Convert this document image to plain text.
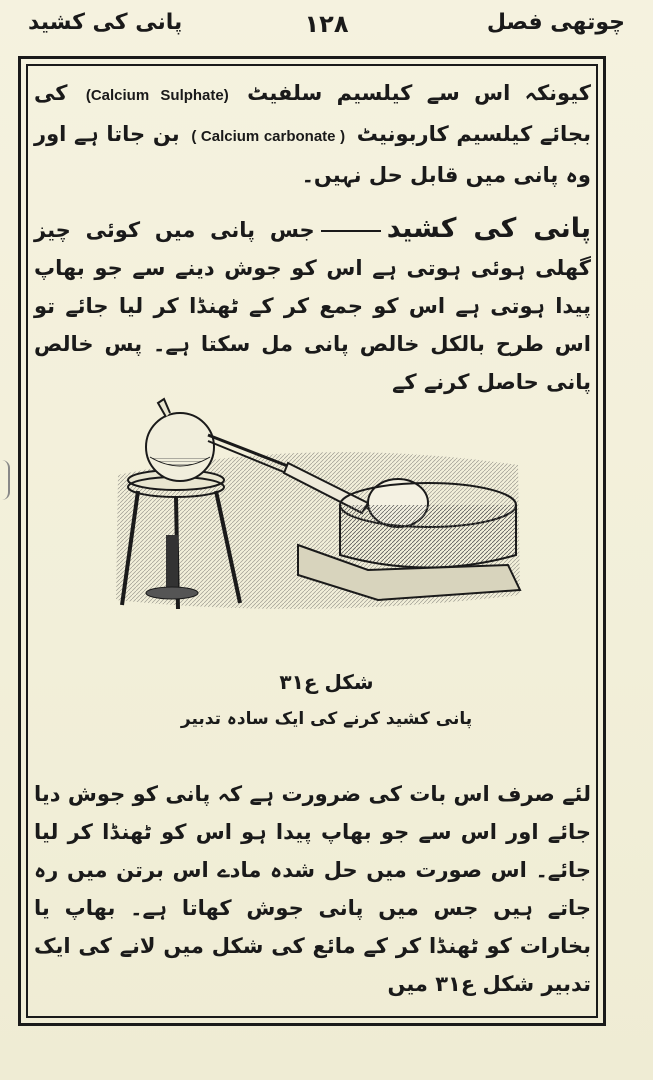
چوتھی فصل
۱۲۸
پانی کی کشید
کیونکہ اس سے کیلسیم سلفیٹ (Calcium Sulphate) کی بجائے کیلسیم کاربونیٹ ( Calcium carbonate ) بن جاتا ہے اور وہ پانی میں قابل حل نہیں۔
پانی کی کشیدجس پانی میں کوئی چیز گھلی ہوئی ہوتی ہے اس کو جوش دینے سے جو بھاپ پیدا ہوتی ہے اس کو جمع کر کے ٹھنڈا کر لیا جائے تو اس طرح بالکل خالص پانی مل سکتا ہے۔ پس خالص پانی حاصل کرنے کے
شکل ع۳۱
پانی کشید کرنے کی ایک سادہ تدبیر
لئے صرف اس بات کی ضرورت ہے کہ پانی کو جوش دیا جائے اور اس سے جو بھاپ پیدا ہو اس کو ٹھنڈا کر لیا جائے۔ اس صورت میں حل شدہ مادے اس برتن میں رہ جاتے ہیں جس میں پانی جوش کھاتا ہے۔ بھاپ یا بخارات کو ٹھنڈا کر کے مائع کی شکل میں لانے کی ایک تدبیر شکل ع۳۱ میں
